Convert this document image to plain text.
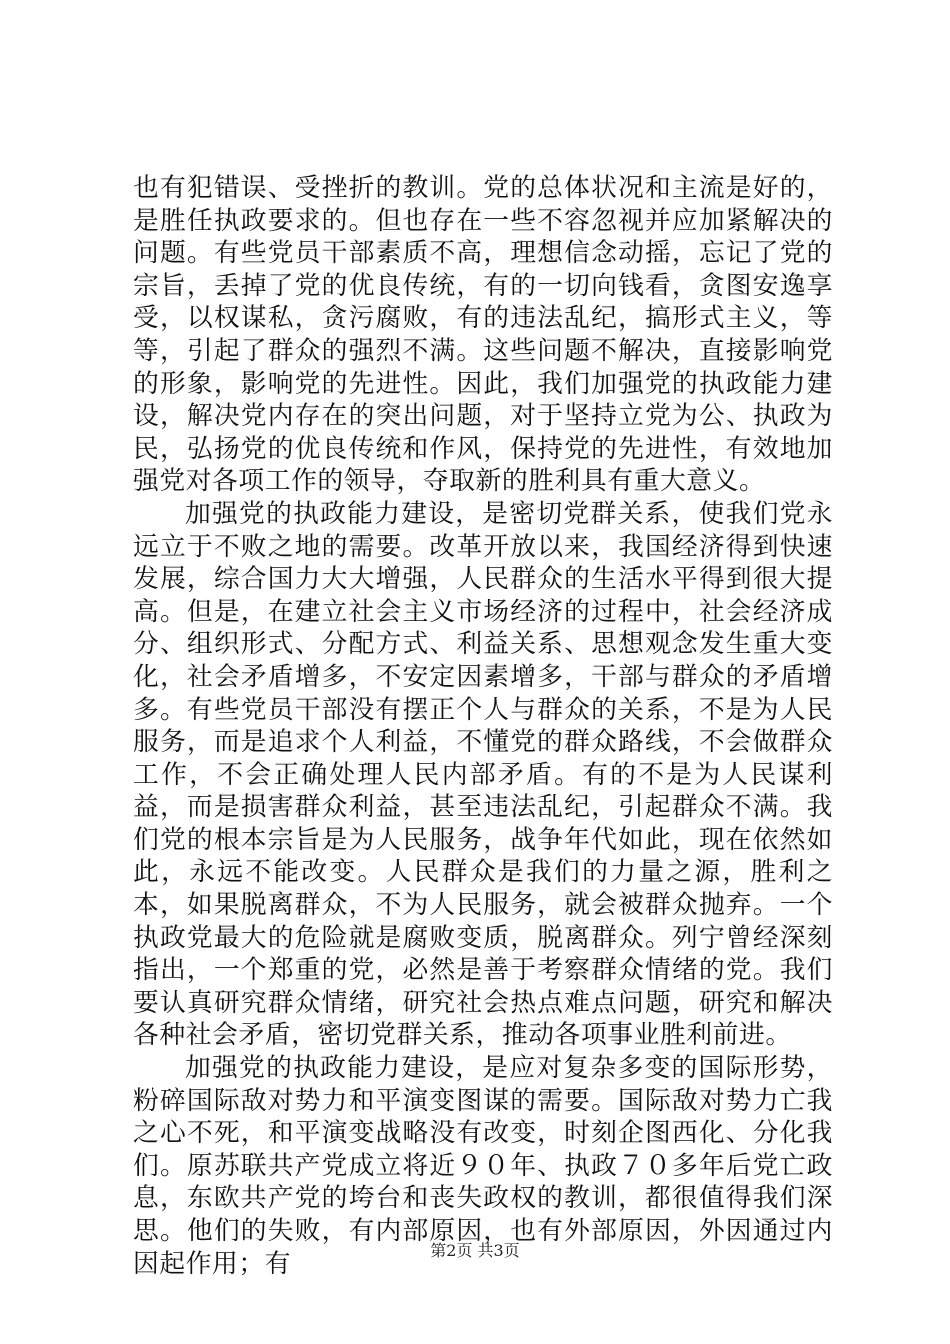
也有犯错误、受挫折的教训。党的总体状况和主流是好的，是胜任执政要求的。但也存在一些不容忽视并应加紧解决的问题。有些党员干部素质不高，理想信念动摇，忘记了党的宗旨，丢掉了党的优良传统，有的一切向钱看，贪图安逸享受，以权谋私，贪污腐败，有的违法乱纪，搞形式主义，等等，引起了群众的强烈不满。这些问题不解决，直接影响党的形象，影响党的先进性。因此，我们加强党的执政能力建设，解决党内存在的突出问题，对于坚持立党为公、执政为民，弘扬党的优良传统和作风，保持党的先进性，有效地加强党对各项工作的领导，夺取新的胜利具有重大意义。

加强党的执政能力建设，是密切党群关系，使我们党永远立于不败之地的需要。改革开放以来，我国经济得到快速发展，综合国力大大增强，人民群众的生活水平得到很大提高。但是，在建立社会主义市场经济的过程中，社会经济成分、组织形式、分配方式、利益关系、思想观念发生重大变化，社会矛盾增多，不安定因素增多，干部与群众的矛盾增多。有些党员干部没有摆正个人与群众的关系，不是为人民服务，而是追求个人利益，不懂党的群众路线，不会做群众工作，不会正确处理人民内部矛盾。有的不是为人民谋利益，而是损害群众利益，甚至违法乱纪，引起群众不满。我们党的根本宗旨是为人民服务，战争年代如此，现在依然如此，永远不能改变。人民群众是我们的力量之源，胜利之本，如果脱离群众，不为人民服务，就会被群众抛弃。一个执政党最大的危险就是腐败变质，脱离群众。列宁曾经深刻指出，一个郑重的党，必然是善于考察群众情绪的党。我们要认真研究群众情绪，研究社会热点难点问题，研究和解决各种社会矛盾，密切党群关系，推动各项事业胜利前进。

加强党的执政能力建设，是应对复杂多变的国际形势，粉碎国际敌对势力和平演变图谋的需要。国际敌对势力亡我之心不死，和平演变战略没有改变，时刻企图西化、分化我们。原苏联共产党成立将近９０年、执政７０多年后党亡政息，东欧共产党的垮台和丧失政权的教训，都很值得我们深思。他们的失败，有内部原因，也有外部原因，外因通过内因起作用；有	第2页 共3页
